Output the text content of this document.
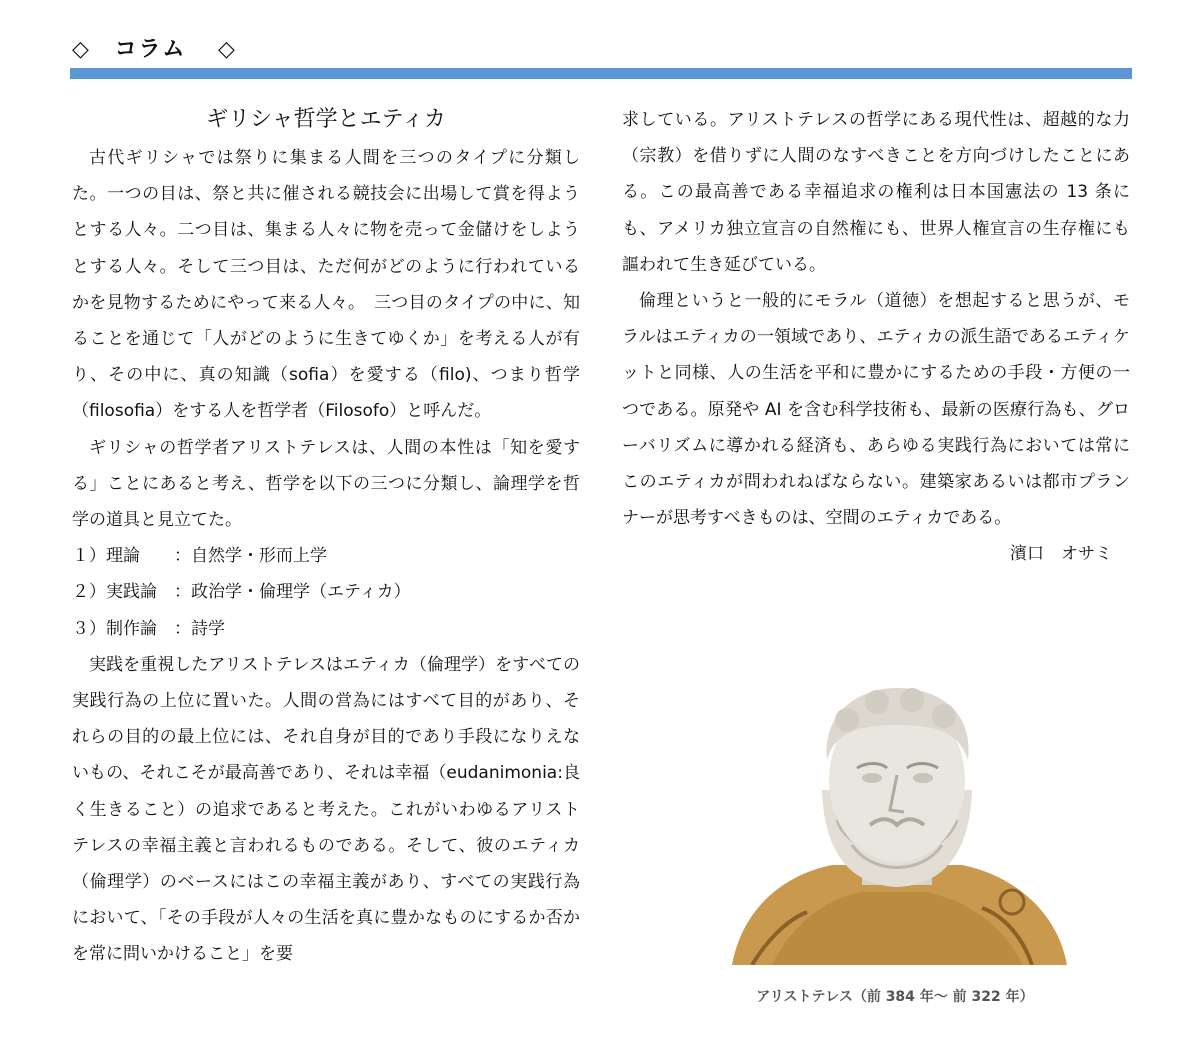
◇ コラム ◇
ギリシャ哲学とエティカ

古代ギリシャでは祭りに集まる人間を三つのタイプに分類した。一つの目は、祭と共に催される競技会に出場して賞を得ようとする人々。二つ目は、集まる人々に物を売って金儲けをしようとする人々。そして三つ目は、ただ何がどのように行われているかを見物するためにやって来る人々。　三つ目のタイプの中に、知ることを通じて「人がどのように生きてゆくか」を考える人が有り、その中に、真の知識（sofia）を愛する（filo)、つまり哲学（filosofia）をする人を哲学者（Filosofo）と呼んだ。

ギリシャの哲学者アリストテレスは、人間の本性は「知を愛する」ことにあると考え、哲学を以下の三つに分類し、論理学を哲学の道具と見立てた。

１）理論　　：自然学・形而上学

２）実践論　：政治学・倫理学（エティカ）

３）制作論　：詩学

実践を重視したアリストテレスはエティカ（倫理学）をすべての実践行為の上位に置いた。人間の営為にはすべて目的があり、それらの目的の最上位には、それ自身が目的であり手段になりえないもの、それこそが最高善であり、それは幸福（eudanimonia:良く生きること）の追求であると考えた。これがいわゆるアリストテレスの幸福主義と言われるものである。そして、彼のエティカ（倫理学）のベースにはこの幸福主義があり、すべての実践行為において、「その手段が人々の生活を真に豊かなものにするか否かを常に問いかけること」を要

求している。アリストテレスの哲学にある現代性は、超越的な力（宗教）を借りずに人間のなすべきことを方向づけしたことにある。この最高善である幸福追求の権利は日本国憲法の 13 条にも、アメリカ独立宣言の自然権にも、世界人権宣言の生存権にも謳われて生き延びている。

倫理というと一般的にモラル（道徳）を想起すると思うが、モラルはエティカの一領域であり、エティカの派生語であるエティケットと同様、人の生活を平和に豊かにするための手段・方便の一つである。原発や AI を含む科学技術も、最新の医療行為も、グローバリズムに導かれる経済も、あらゆる実践行為においては常にこのエティカが問われねばならない。建築家あるいは都市プランナーが思考すべきものは、空間のエティカである。

濱口　オサミ

アリストテレス（前 384 年～ 前 322 年）
